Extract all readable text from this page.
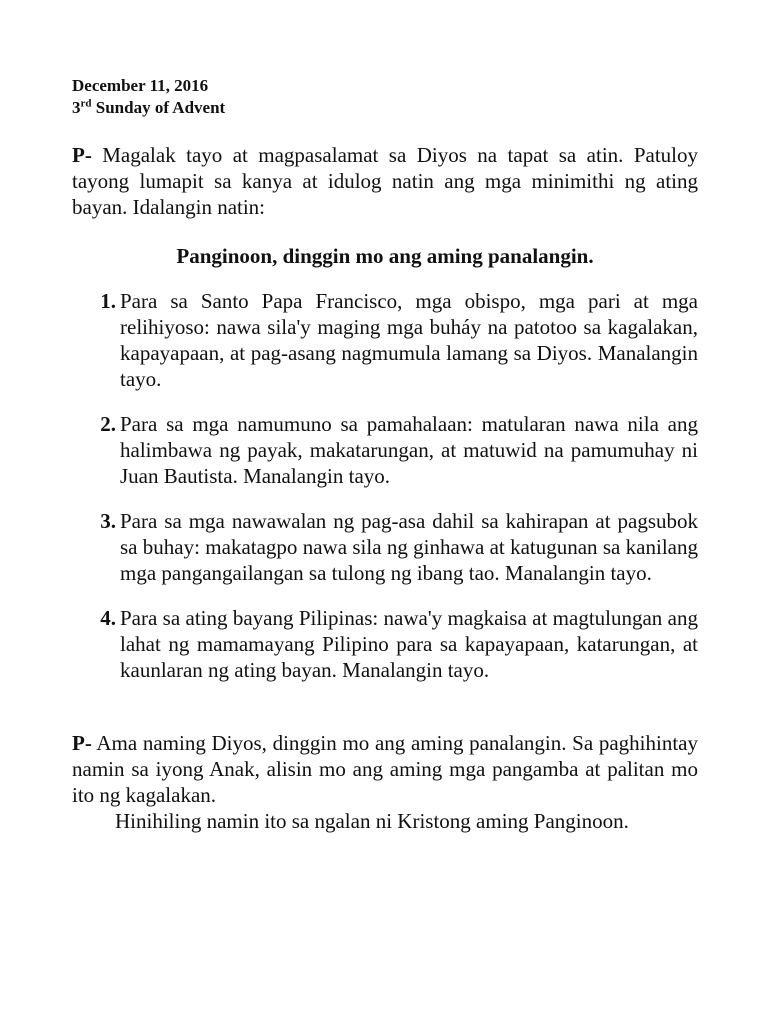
December 11, 2016
3rd Sunday of Advent

P- Magalak tayo at magpasalamat sa Diyos na tapat sa atin. Patuloy tayong lumapit sa kanya at idulog natin ang mga minimithi ng ating bayan. Idalangin natin:

Panginoon, dinggin mo ang aming panalangin.
1. Para sa Santo Papa Francisco, mga obispo, mga pari at mga relihiyoso: nawa sila'y maging mga buháy na patotoo sa kagalakan, kapayapaan, at pag-asang nagmumula lamang sa Diyos. Manalangin tayo.
2. Para sa mga namumuno sa pamahalaan: matularan nawa nila ang halimbawa ng payak, makatarungan, at matuwid na pamumuhay ni Juan Bautista. Manalangin tayo.
3. Para sa mga nawawalan ng pag-asa dahil sa kahirapan at pagsubok sa buhay: makatagpo nawa sila ng ginhawa at katugunan sa kanilang mga pangangailangan sa tulong ng ibang tao. Manalangin tayo.
4. Para sa ating bayang Pilipinas: nawa'y magkaisa at magtulungan ang lahat ng mamamayang Pilipino para sa kapayapaan, katarungan, at kaunlaran ng ating bayan. Manalangin tayo.

P- Ama naming Diyos, dinggin mo ang aming panalangin. Sa paghihintay namin sa iyong Anak, alisin mo ang aming mga pangamba at palitan mo ito ng kagalakan.

Hinihiling namin ito sa ngalan ni Kristong aming Panginoon.
